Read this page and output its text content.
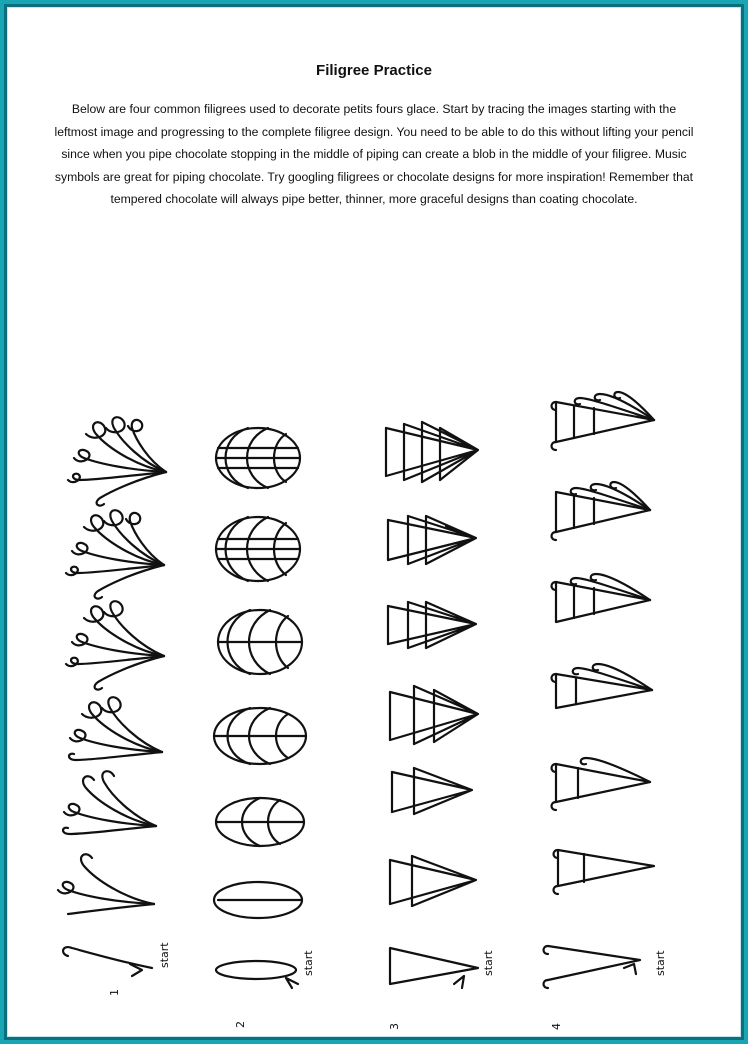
Filigree Practice
Below are four common filigrees used to decorate petits fours glace. Start by tracing the images starting with the
leftmost image and progressing to the complete filigree design. You need to be able to do this without lifting your pencil
since when you pipe chocolate stopping in the middle of piping can create a blob in the middle of your filigree. Music
symbols are great for piping chocolate. Try googling filigrees or chocolate designs for more inspiration! Remember that
tempered chocolate will always pipe better, thinner, more graceful designs than coating chocolate.
start	start	start	start
1
2	3	4
